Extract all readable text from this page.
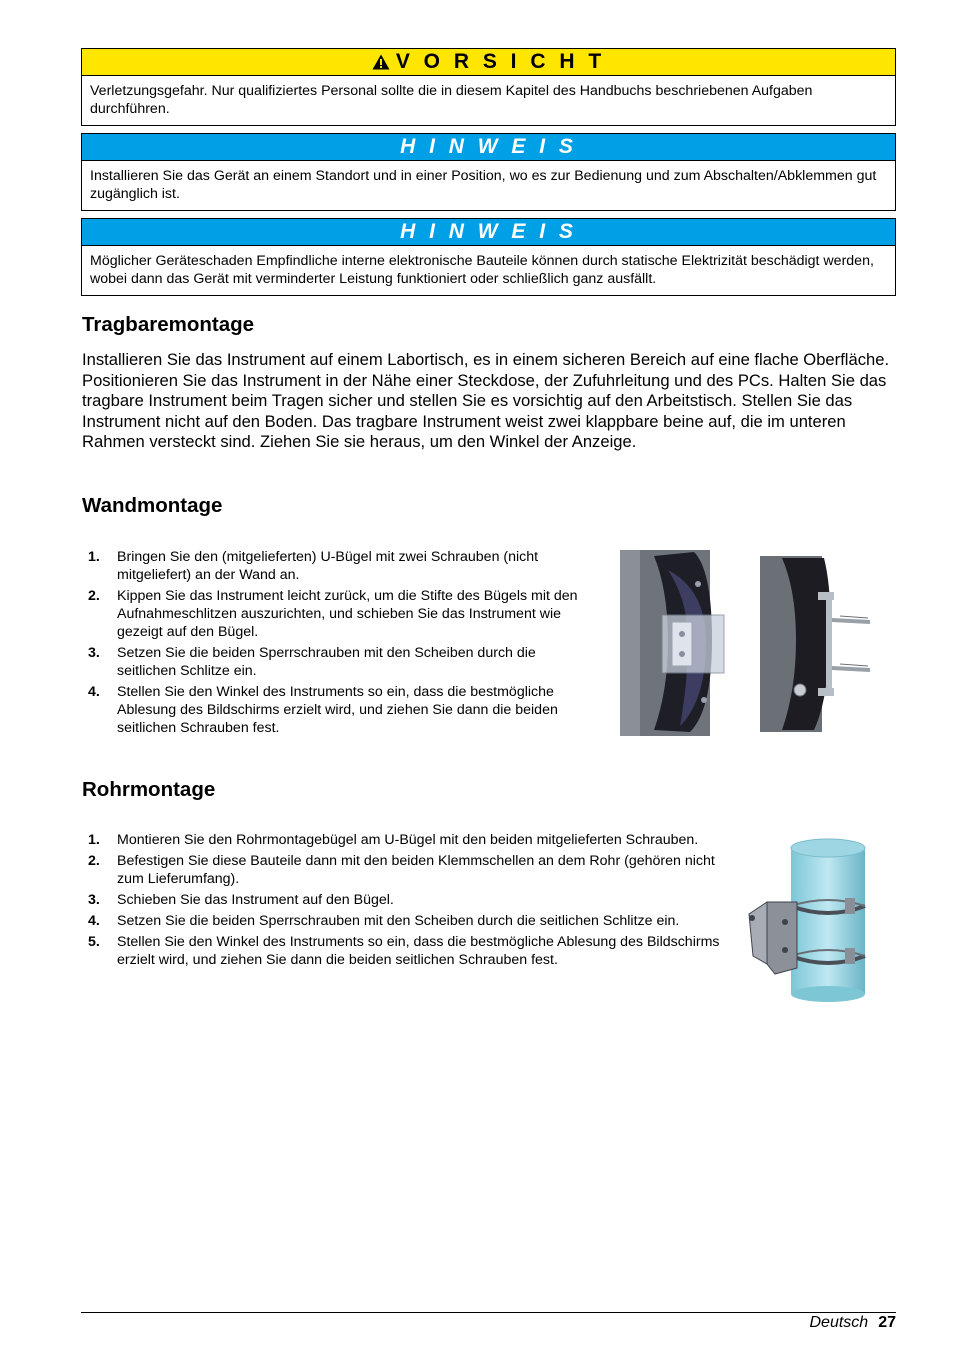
V O R S I C H T
Verletzungsgefahr. Nur qualifiziertes Personal sollte die in diesem Kapitel des Handbuchs beschriebenen Aufgaben durchführen.
H I N W E I S
Installieren Sie das Gerät an einem Standort und in einer Position, wo es zur Bedienung und zum Abschalten/Abklemmen gut zugänglich ist.
H I N W E I S
Möglicher Geräteschaden Empfindliche interne elektronische Bauteile können durch statische Elektrizität beschädigt werden, wobei dann das Gerät mit verminderter Leistung funktioniert oder schließlich ganz ausfällt.
Tragbaremontage

Installieren Sie das Instrument auf einem Labortisch, es in einem sicheren Bereich auf eine flache Oberfläche. Positionieren Sie das Instrument in der Nähe einer Steckdose, der Zufuhrleitung und des PCs. Halten Sie das tragbare Instrument beim Tragen sicher und stellen Sie es vorsichtig auf den Arbeitstisch. Stellen Sie das Instrument nicht auf den Boden. Das tragbare Instrument weist zwei klappbare beine auf, die im unteren Rahmen versteckt sind. Ziehen Sie sie heraus, um den Winkel der Anzeige.

Wandmontage
1. Bringen Sie den (mitgelieferten) U-Bügel mit zwei Schrauben (nicht mitgeliefert) an der Wand an.
2. Kippen Sie das Instrument leicht zurück, um die Stifte des Bügels mit den Aufnahmeschlitzen auszurichten, und schieben Sie das Instrument wie gezeigt auf den Bügel.
3. Setzen Sie die beiden Sperrschrauben mit den Scheiben durch die seitlichen Schlitze ein.
4. Stellen Sie den Winkel des Instruments so ein, dass die bestmögliche Ablesung des Bildschirms erzielt wird, und ziehen Sie dann die beiden seitlichen Schrauben fest.
Rohrmontage
1. Montieren Sie den Rohrmontagebügel am U-Bügel mit den beiden mitgelieferten Schrauben.
2. Befestigen Sie diese Bauteile dann mit den beiden Klemmschellen an dem Rohr (gehören nicht zum Lieferumfang).
3. Schieben Sie das Instrument auf den Bügel.
4. Setzen Sie die beiden Sperrschrauben mit den Scheiben durch die seitlichen Schlitze ein.
5. Stellen Sie den Winkel des Instruments so ein, dass die bestmögliche Ablesung des Bildschirms erzielt wird, und ziehen Sie dann die beiden seitlichen Schrauben fest.
Deutsch 27
